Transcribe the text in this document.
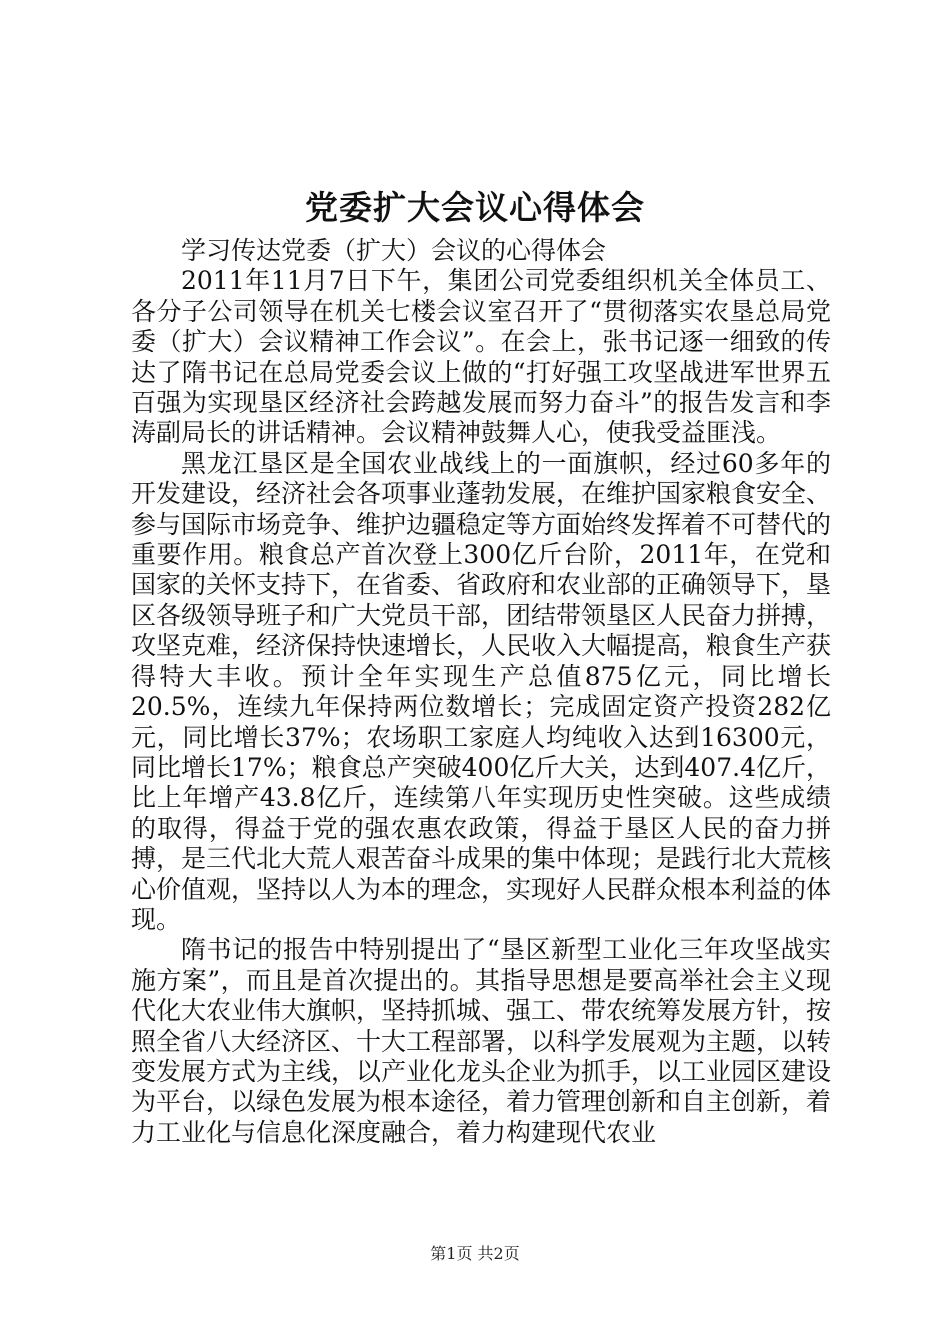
党委扩大会议心得体会

学习传达党委（扩大）会议的心得体会

2011年11月7日下午，集团公司党委组织机关全体员工、各分子公司领导在机关七楼会议室召开了“贯彻落实农垦总局党委（扩大）会议精神工作会议”。在会上，张书记逐一细致的传达了隋书记在总局党委会议上做的“打好强工攻坚战进军世界五百强为实现垦区经济社会跨越发展而努力奋斗”的报告发言和李涛副局长的讲话精神。会议精神鼓舞人心，使我受益匪浅。

黑龙江垦区是全国农业战线上的一面旗帜，经过60多年的开发建设，经济社会各项事业蓬勃发展，在维护国家粮食安全、参与国际市场竞争、维护边疆稳定等方面始终发挥着不可替代的重要作用。粮食总产首次登上300亿斤台阶，2011年，在党和国家的关怀支持下，在省委、省政府和农业部的正确领导下，垦区各级领导班子和广大党员干部，团结带领垦区人民奋力拼搏，攻坚克难，经济保持快速增长，人民收入大幅提高，粮食生产获得特大丰收。预计全年实现生产总值875亿元，同比增长20.5%，连续九年保持两位数增长；完成固定资产投资282亿元，同比增长37%；农场职工家庭人均纯收入达到16300元，同比增长17%；粮食总产突破400亿斤大关，达到407.4亿斤，比上年增产43.8亿斤，连续第八年实现历史性突破。这些成绩的取得，得益于党的强农惠农政策，得益于垦区人民的奋力拼搏，是三代北大荒人艰苦奋斗成果的集中体现；是践行北大荒核心价值观，坚持以人为本的理念，实现好人民群众根本利益的体现。

隋书记的报告中特别提出了“垦区新型工业化三年攻坚战实施方案”，而且是首次提出的。其指导思想是要高举社会主义现代化大农业伟大旗帜，坚持抓城、强工、带农统筹发展方针，按照全省八大经济区、十大工程部署，以科学发展观为主题，以转变发展方式为主线，以产业化龙头企业为抓手，以工业园区建设为平台，以绿色发展为根本途径，着力管理创新和自主创新，着力工业化与信息化深度融合，着力构建现代农业

第1页 共2页
